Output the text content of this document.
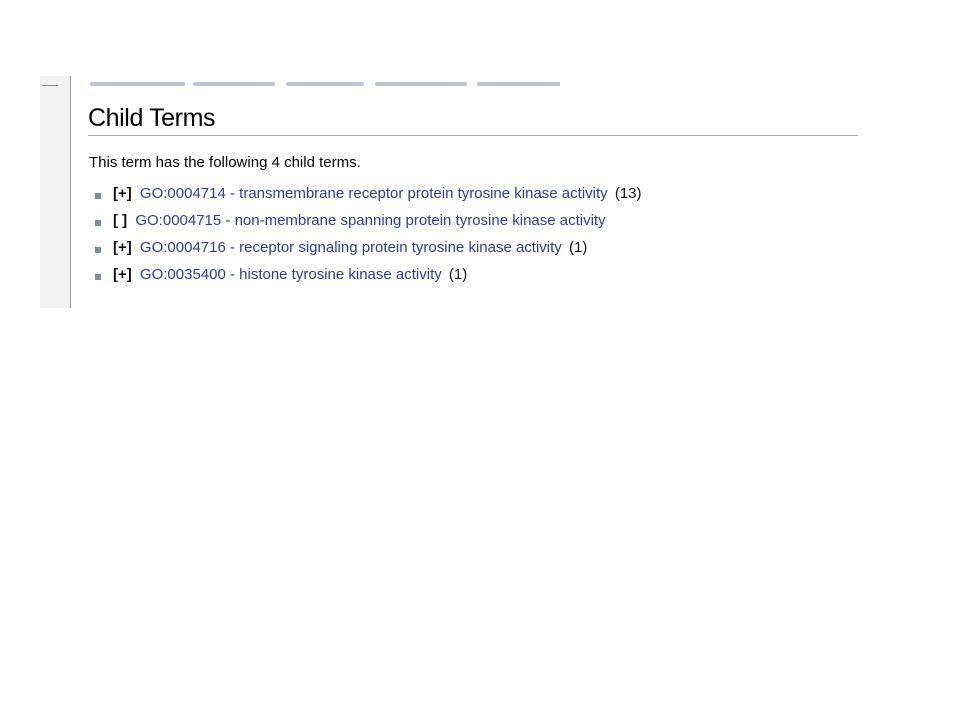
Child Terms

This term has the following 4 child terms.

[+] GO:0004714 - transmembrane receptor protein tyrosine kinase activity (13)
[ ] GO:0004715 - non-membrane spanning protein tyrosine kinase activity
[+] GO:0004716 - receptor signaling protein tyrosine kinase activity (1)
[+] GO:0035400 - histone tyrosine kinase activity (1)
